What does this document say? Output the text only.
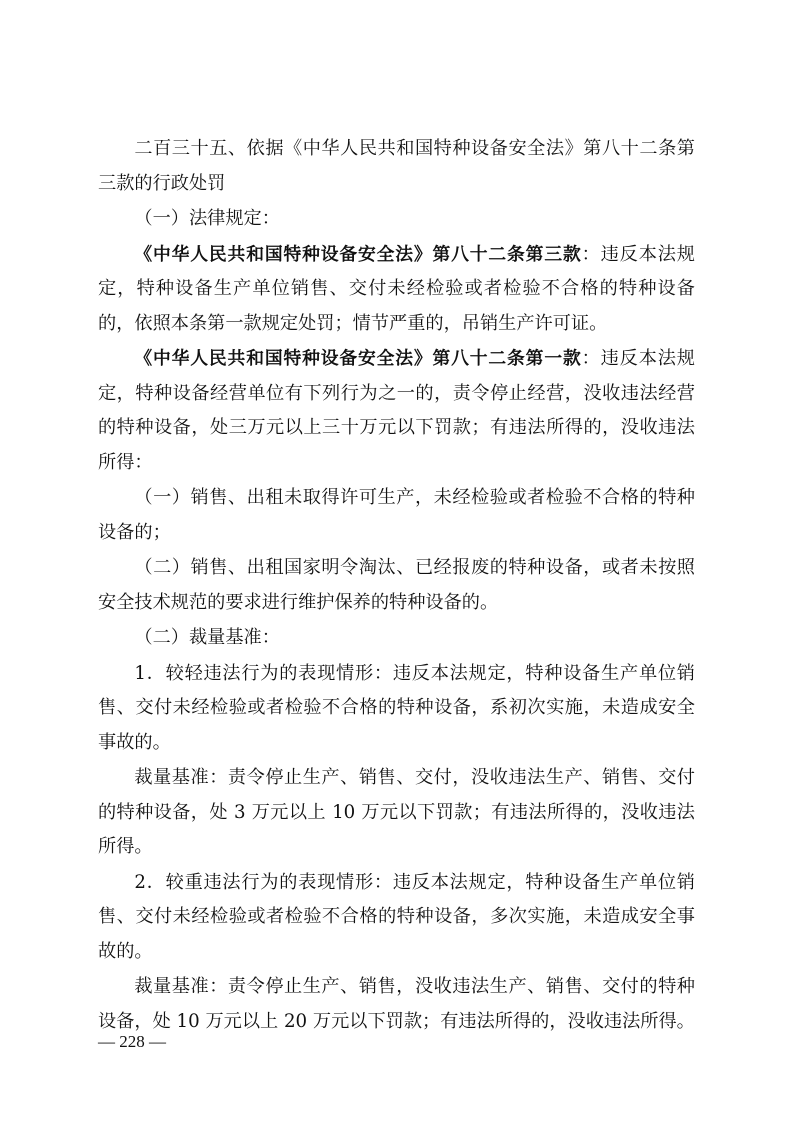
二百三十五、依据《中华人民共和国特种设备安全法》第八十二条第三款的行政处罚

（一）法律规定：

《中华人民共和国特种设备安全法》第八十二条第三款：违反本法规定，特种设备生产单位销售、交付未经检验或者检验不合格的特种设备的，依照本条第一款规定处罚；情节严重的，吊销生产许可证。

《中华人民共和国特种设备安全法》第八十二条第一款：违反本法规定，特种设备经营单位有下列行为之一的，责令停止经营，没收违法经营的特种设备，处三万元以上三十万元以下罚款；有违法所得的，没收违法所得：

（一）销售、出租未取得许可生产，未经检验或者检验不合格的特种设备的；

（二）销售、出租国家明令淘汰、已经报废的特种设备，或者未按照安全技术规范的要求进行维护保养的特种设备的。

（二）裁量基准：

1．较轻违法行为的表现情形：违反本法规定，特种设备生产单位销售、交付未经检验或者检验不合格的特种设备，系初次实施，未造成安全事故的。

裁量基准：责令停止生产、销售、交付，没收违法生产、销售、交付的特种设备，处 3 万元以上 10 万元以下罚款；有违法所得的，没收违法所得。

2．较重违法行为的表现情形：违反本法规定，特种设备生产单位销售、交付未经检验或者检验不合格的特种设备，多次实施，未造成安全事故的。

裁量基准：责令停止生产、销售，没收违法生产、销售、交付的特种设备，处 10 万元以上 20 万元以下罚款；有违法所得的，没收违法所得。

— 228 —
